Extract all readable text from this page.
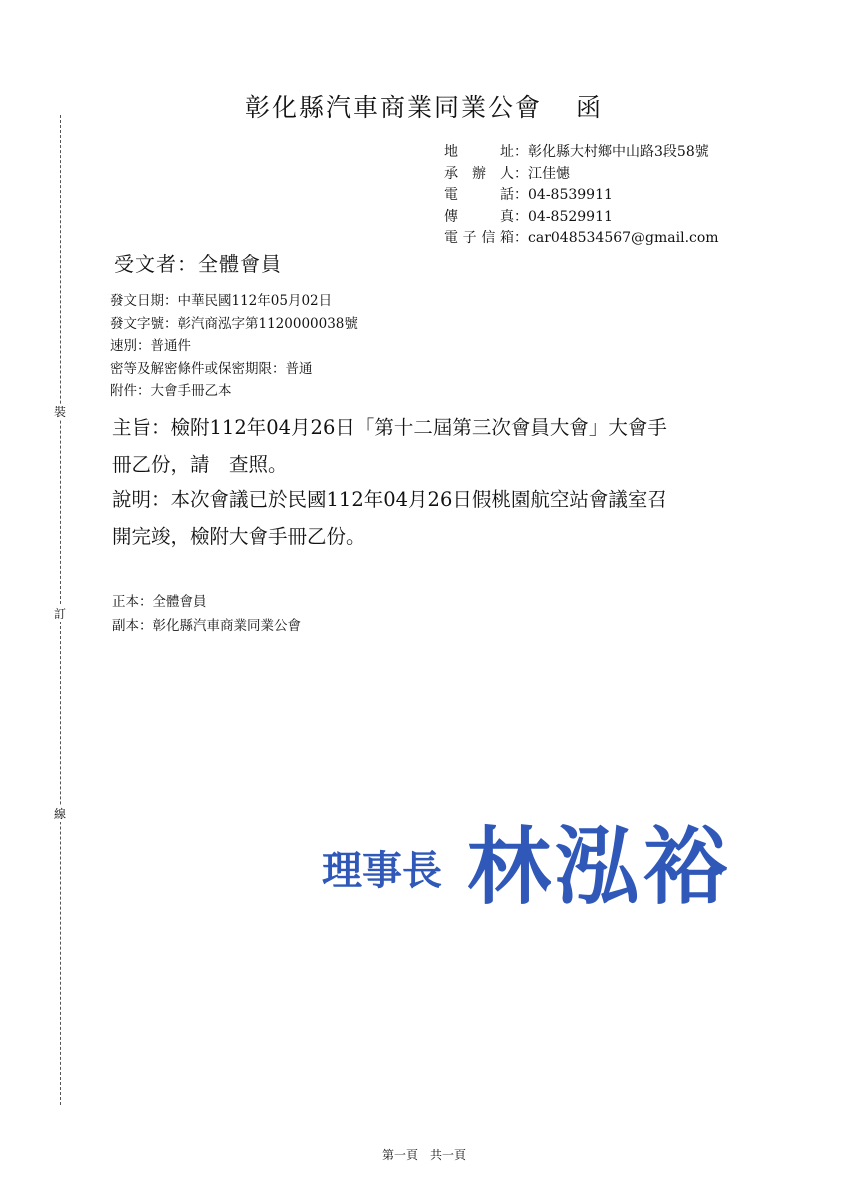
裝
訂
線
彰化縣汽車商業同業公會 函
地址：彰化縣大村鄉中山路3段58號
承辦人：江佳憓
電話：04-8539911
傳真：04-8529911
電子信箱：car048534567@gmail.com
受文者：全體會員
發文日期：中華民國112年05月02日
發文字號：彰汽商泓字第1120000038號
速別：普通件
密等及解密條件或保密期限：普通
附件：大會手冊乙本
主旨： 檢附112年04月26日「第十二屆第三次會員大會」大會手
冊乙份，請　查照。
說明： 本次會議已於民國112年04月26日假桃園航空站會議室召
開完竣，檢附大會手冊乙份。
正本：全體會員
副本：彰化縣汽車商業同業公會
理事長 林泓裕
第一頁 共一頁
